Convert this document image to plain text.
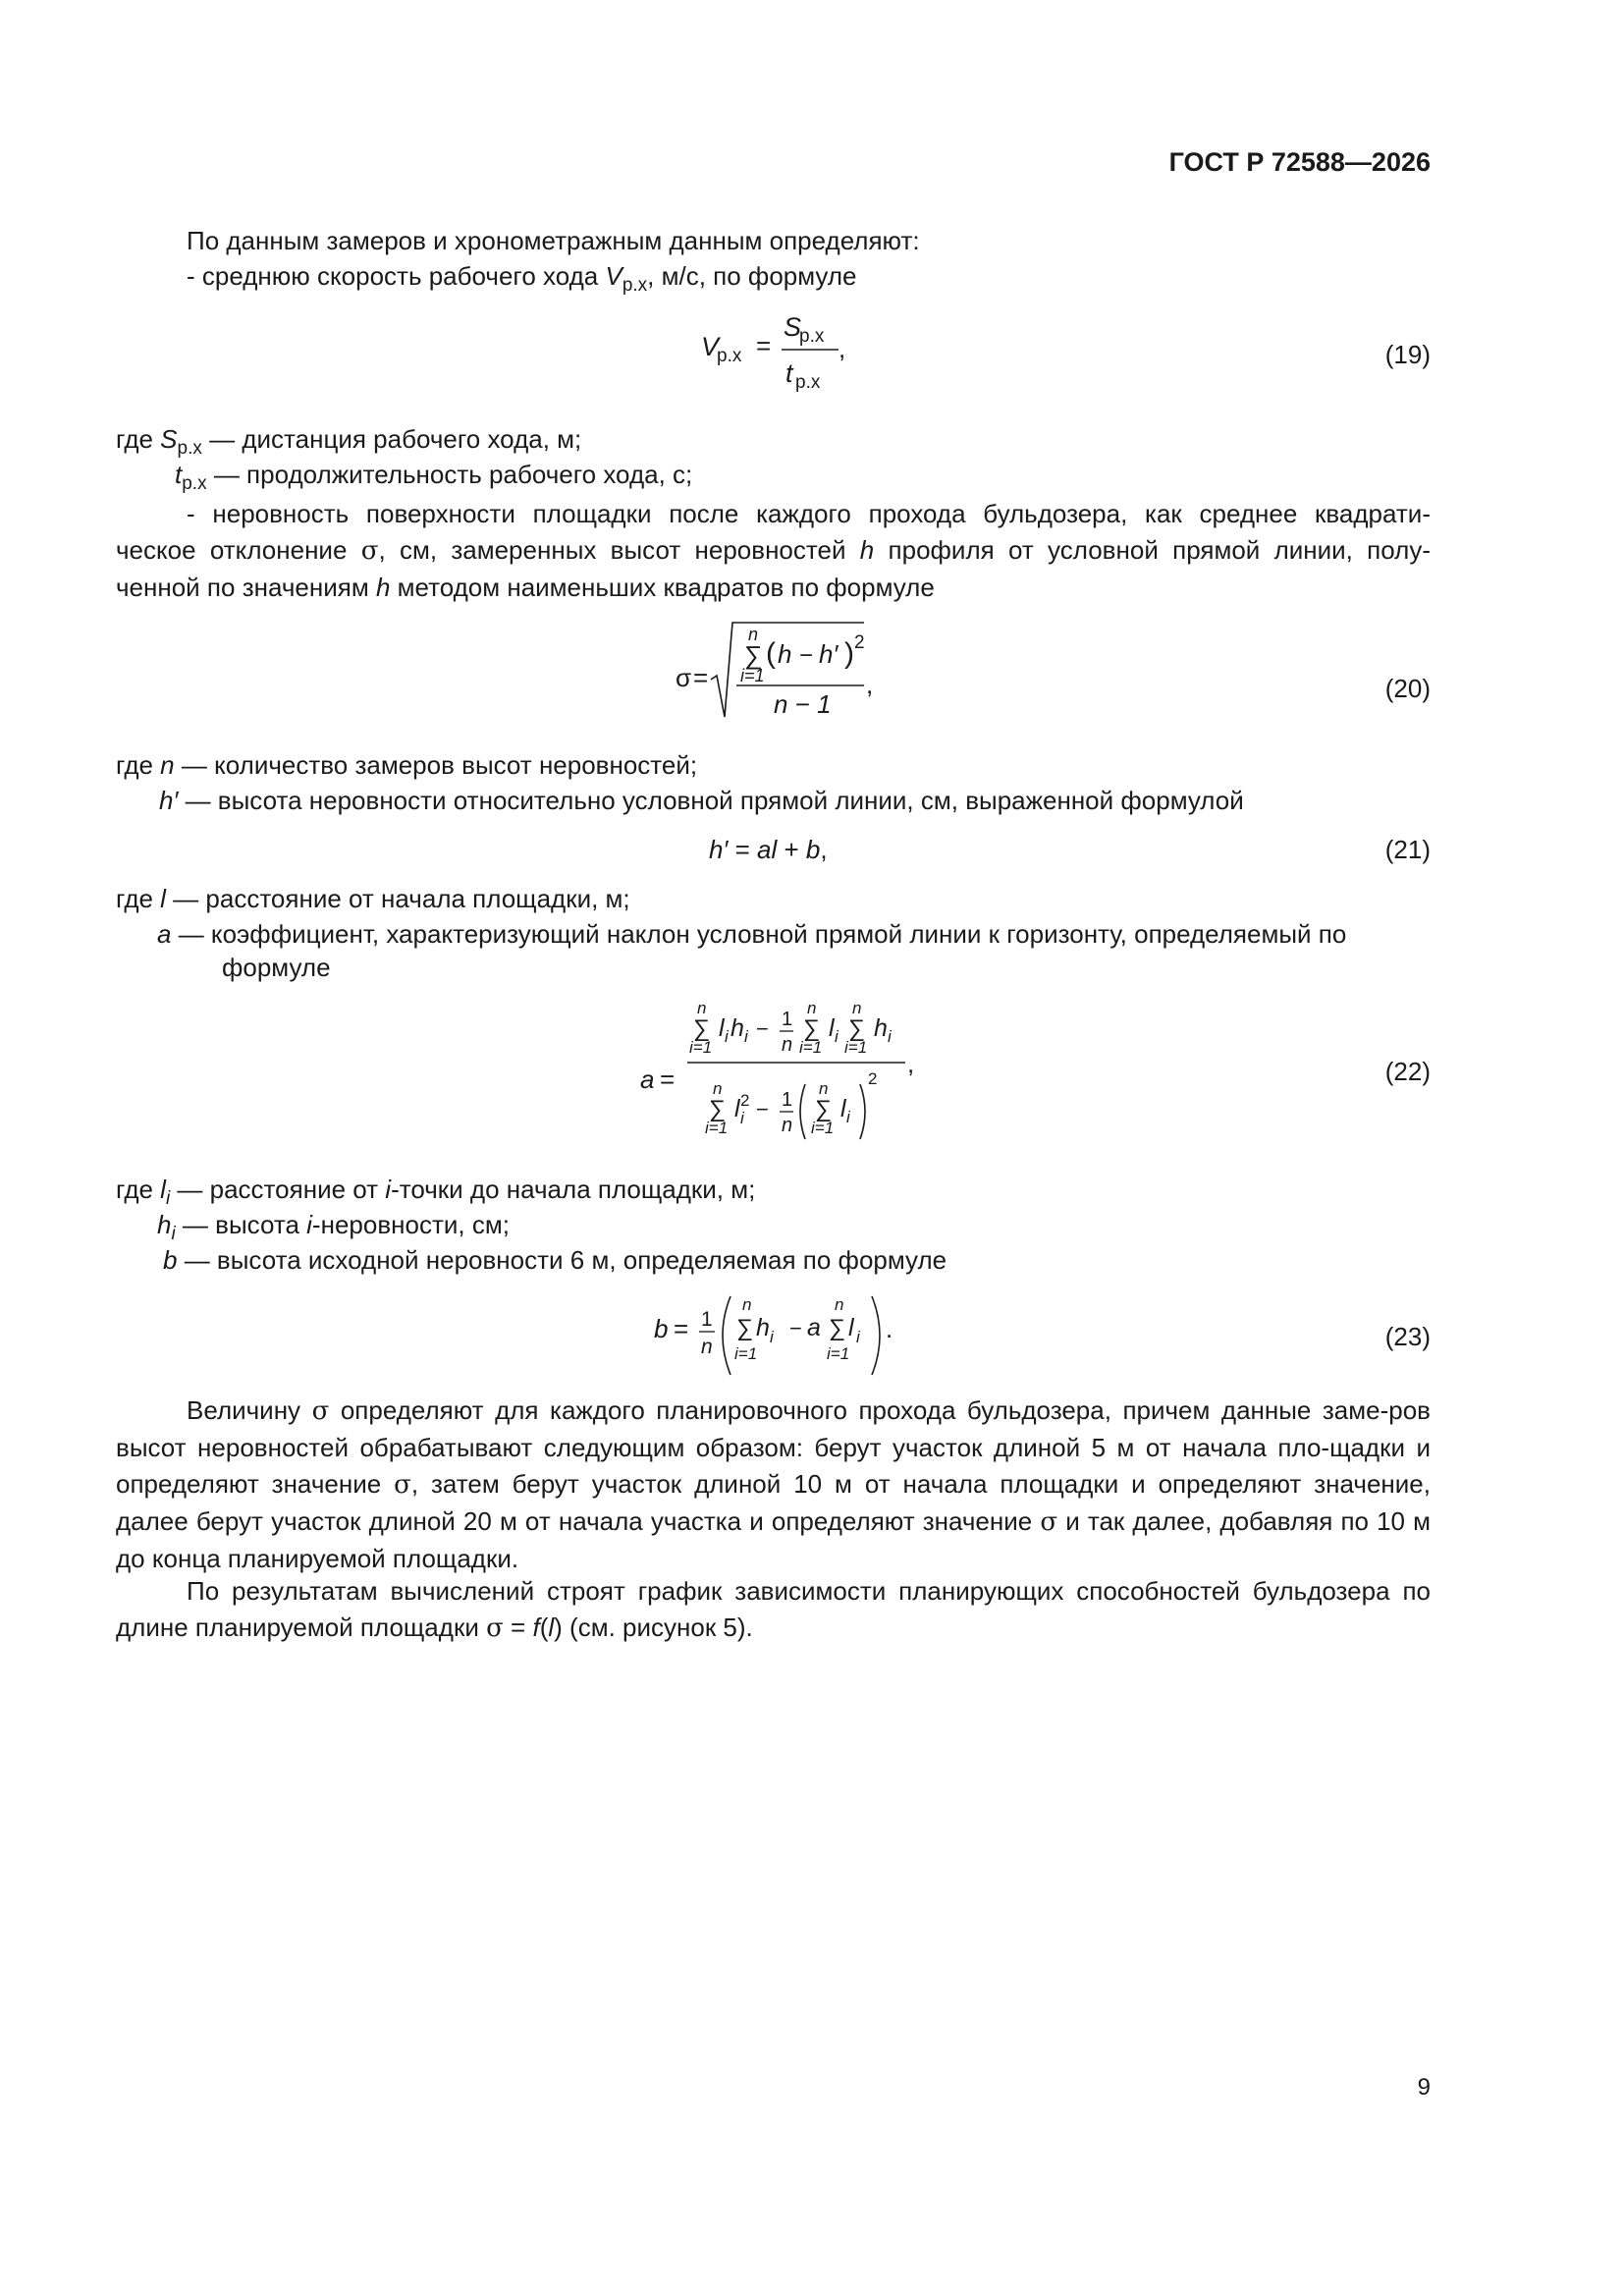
ГОСТ Р 72588—2026
По данным замеров и хронометражным данным определяют:
- среднюю скорость рабочего хода $V_{р.х}$, м/с, по формуле
V
р.х =
S
р.х
t р.х
,	(19)
где $S_{р.х}$ — дистанция рабочего хода, м;
$t_{р.х}$ — продолжительность рабочего хода, с;
- неровность поверхности площадки после каждого прохода бульдозера, как среднее квадрати-
ческое отклонение σ, см, замеренных высот неровностей h профиля от условной прямой линии, полу-
ченной по значениям h методом наименьших квадратов по формуле
σ =
n
∑
i=1
( h − h′ ) 2
n − 1
,	(20)
где n — количество замеров высот неровностей;
h′ — высота неровности относительно условной прямой линии, см, выраженной формулой
h′ = al + b,	(21)
где l — расстояние от начала площадки, м;
a — коэффициент, характеризующий наклон условной прямой линии к горизонту, определяемый по
формуле
a =
n
∑
i=1
l i h i − 1
n
n
∑
i=1
l i
n
∑
i=1
h i
n
∑
i=1
l 2
i − 1
n
n
∑
i=1
l i
2
,	(22)
где $l_i$ — расстояние от i-точки до начала площадки, м;
$h_i$ — высота i-неровности, см;
b — высота исходной неровности 6 м, определяемая по формуле
b = 1
n
n
∑
i=1
h i − a
n
∑
i=1
l i .	(23)
Величину σ определяют для каждого планировочного прохода бульдозера, причем данные заме-ров высот неровностей обрабатывают следующим образом: берут участок длиной 5 м от начала пло-щадки и определяют значение σ, затем берут участок длиной 10 м от начала площадки и определяют значение, далее берут участок длиной 20 м от начала участка и определяют значение σ и так далее, добавляя по 10 м до конца планируемой площадки.
По результатам вычислений строят график зависимости планирующих способностей бульдозера по длине планируемой площадки σ = f(l) (см. рисунок 5).
9
